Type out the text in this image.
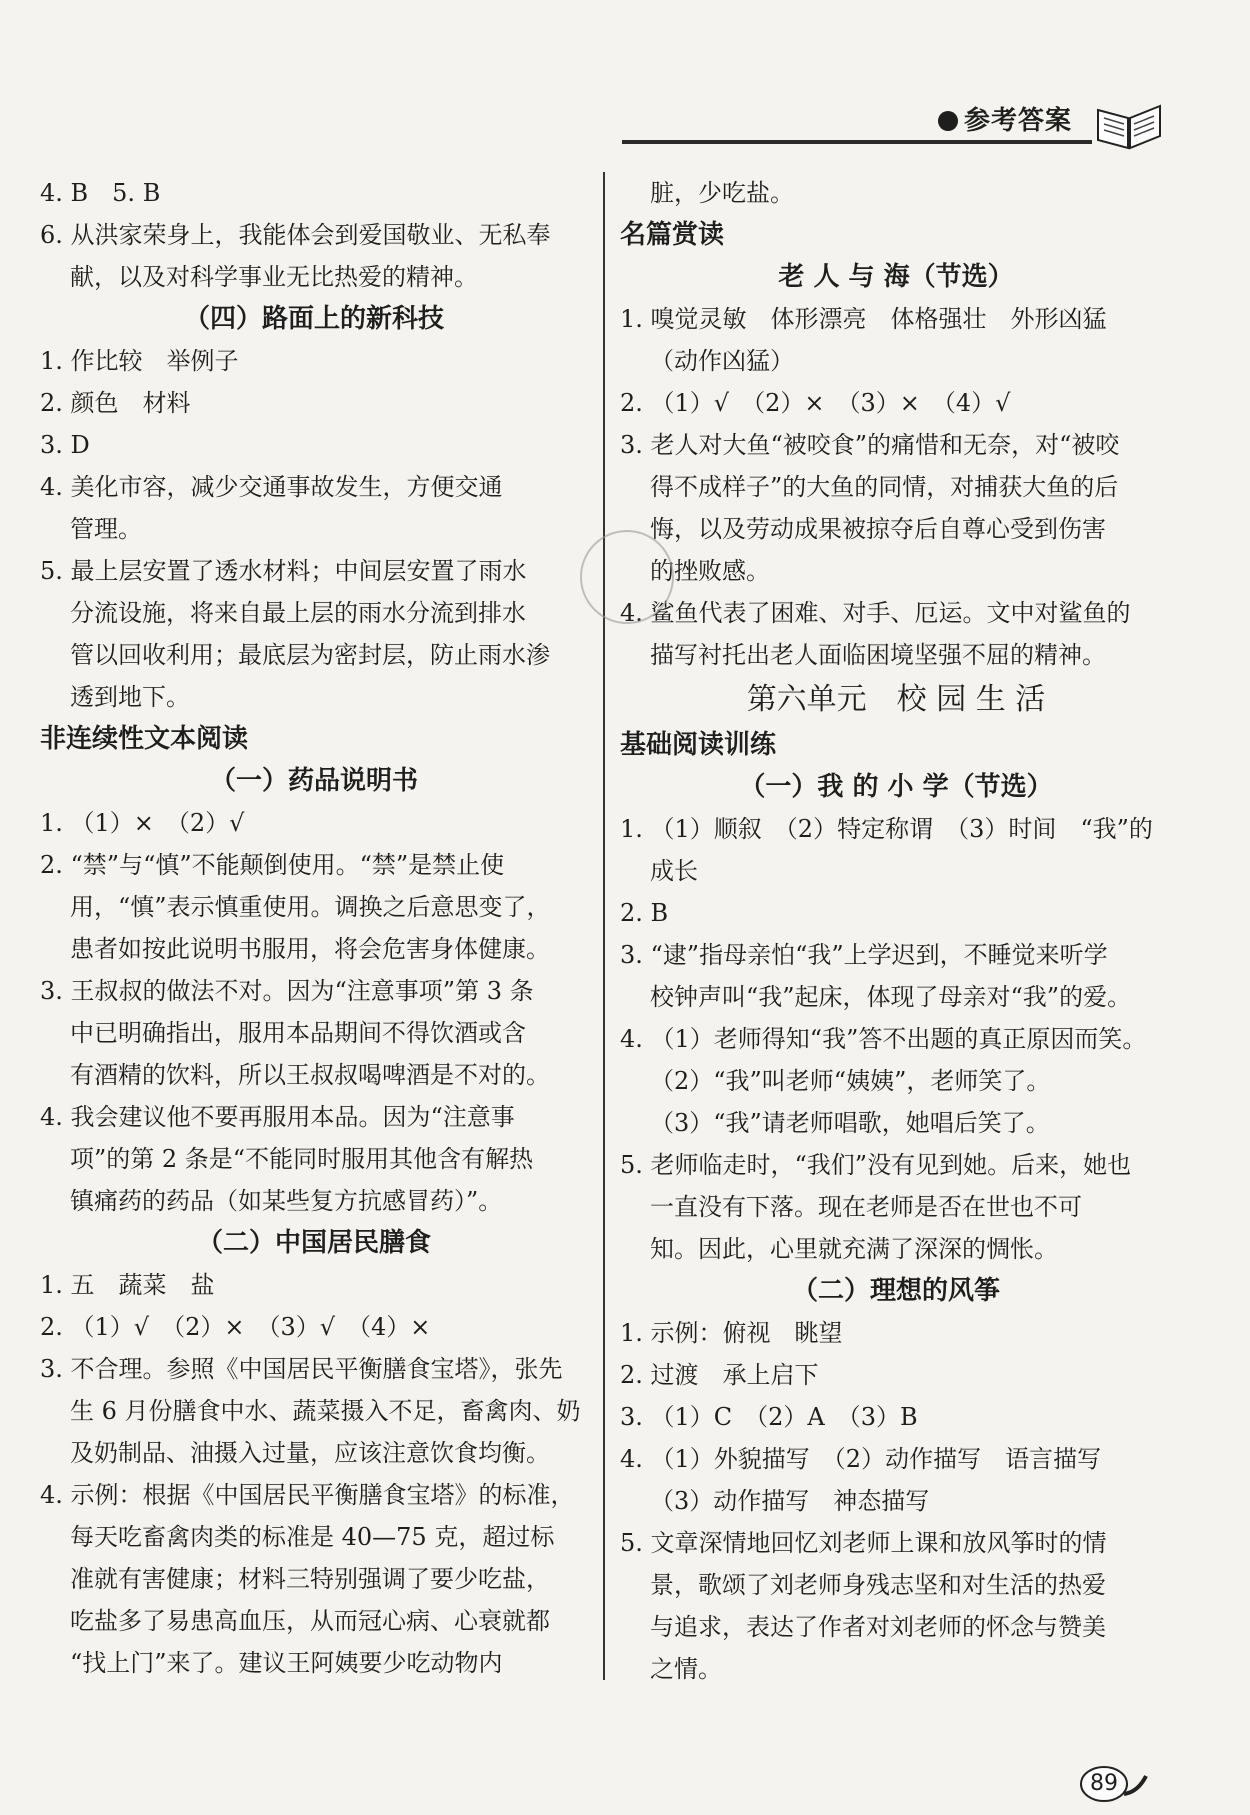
参考答案
4. B　5. B
6. 从洪家荣身上，我能体会到爱国敬业、无私奉
献，以及对科学事业无比热爱的精神。
（四）路面上的新科技
1. 作比较　举例子
2. 颜色　材料
3. D
4. 美化市容，减少交通事故发生，方便交通
管理。
5. 最上层安置了透水材料；中间层安置了雨水
分流设施，将来自最上层的雨水分流到排水
管以回收利用；最底层为密封层，防止雨水渗
透到地下。
非连续性文本阅读
（一）药品说明书
1. （1）×　（2）√
2. “禁”与“慎”不能颠倒使用。“禁”是禁止使
用，“慎”表示慎重使用。调换之后意思变了，
患者如按此说明书服用，将会危害身体健康。
3. 王叔叔的做法不对。因为“注意事项”第 3 条
中已明确指出，服用本品期间不得饮酒或含
有酒精的饮料，所以王叔叔喝啤酒是不对的。
4. 我会建议他不要再服用本品。因为“注意事
项”的第 2 条是“不能同时服用其他含有解热
镇痛药的药品（如某些复方抗感冒药）”。
（二）中国居民膳食
1. 五　蔬菜　盐
2. （1）√　（2）×　（3）√　（4）×
3. 不合理。参照《中国居民平衡膳食宝塔》，张先
生 6 月份膳食中水、蔬菜摄入不足，畜禽肉、奶
及奶制品、油摄入过量，应该注意饮食均衡。
4. 示例：根据《中国居民平衡膳食宝塔》的标准，
每天吃畜禽肉类的标准是 40—75 克，超过标
准就有害健康；材料三特别强调了要少吃盐，
吃盐多了易患高血压，从而冠心病、心衰就都
“找上门”来了。建议王阿姨要少吃动物内
脏，少吃盐。
名篇赏读
老 人 与 海（节选）
1. 嗅觉灵敏　体形漂亮　体格强壮　外形凶猛
（动作凶猛）
2. （1）√　（2）×　（3）×　（4）√
3. 老人对大鱼“被咬食”的痛惜和无奈，对“被咬
得不成样子”的大鱼的同情，对捕获大鱼的后
悔，以及劳动成果被掠夺后自尊心受到伤害
的挫败感。
4. 鲨鱼代表了困难、对手、厄运。文中对鲨鱼的
描写衬托出老人面临困境坚强不屈的精神。
第六单元　校 园 生 活
基础阅读训练
（一）我 的 小 学（节选）
1. （1）顺叙　（2）特定称谓　（3）时间　“我”的
成长
2. B
3. “逮”指母亲怕“我”上学迟到，不睡觉来听学
校钟声叫“我”起床，体现了母亲对“我”的爱。
4. （1）老师得知“我”答不出题的真正原因而笑。
（2）“我”叫老师“姨姨”，老师笑了。
（3）“我”请老师唱歌，她唱后笑了。
5. 老师临走时，“我们”没有见到她。后来，她也
一直没有下落。现在老师是否在世也不可
知。因此，心里就充满了深深的惆怅。
（二）理想的风筝
1. 示例：俯视　眺望
2. 过渡　承上启下
3. （1）C　（2）A　（3）B
4. （1）外貌描写　（2）动作描写　语言描写
（3）动作描写　神态描写
5. 文章深情地回忆刘老师上课和放风筝时的情
景，歌颂了刘老师身残志坚和对生活的热爱
与追求，表达了作者对刘老师的怀念与赞美
之情。
89
